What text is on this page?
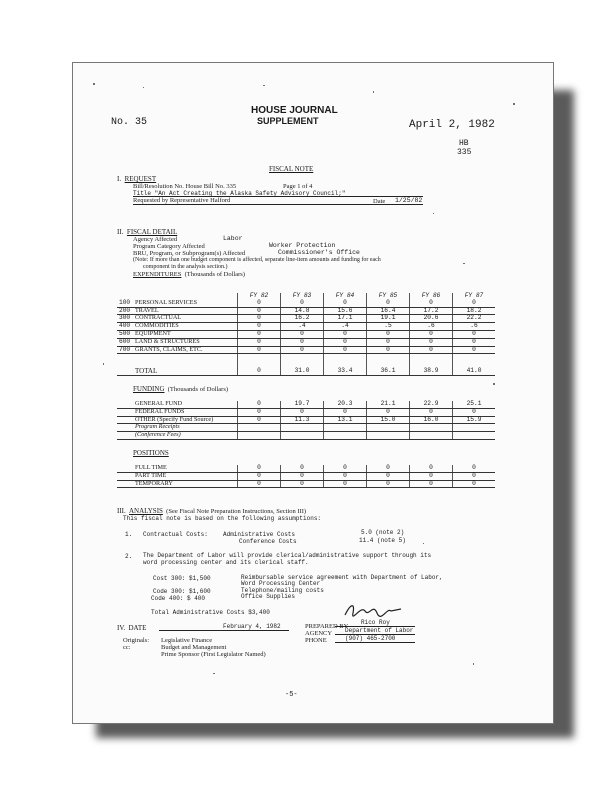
No. 35
HOUSE JOURNAL
SUPPLEMENT	April 2, 1982
HB
335
FISCAL NOTE
I. REQUEST
Bill/Resolution No. House Bill No. 335	Page 1 of 4
Title "An Act Creating the Alaska Safety Advisory Council;"
Requested by Representative Halford	Date 1/25/82
II. FISCAL DETAIL
Agency Affected	Labor
Program Category Affected	Worker Protection
BRU, Program, or Subprogram(s) Affected	Commissioner's Office
(Note: If more than one budget component is affected, separate line-item amounts and funding for each
component in the analysis section.)
EXPENDITURES (Thousands of Dollars)
		FY 82	FY 83	FY 84	FY 85	FY 86	FY 87
100	PERSONAL SERVICES	0	0	0	0	0	0
200	TRAVEL	0	14.8	15.6	16.4	17.2	18.2
300	CONTRACTUAL	0	16.2	17.1	19.1	20.6	22.2
400	COMMODITIES	0	.4	.4	.5	.6	.6
500	EQUIPMENT	0	0	0	0	0	0
600	LAND & STRUCTURES	0	0	0	0	0	0
700	GRANTS, CLAIMS, ETC.	0	0	0	0	0	0

	TOTAL	0	31.0	33.4	36.1	38.9	41.0
FUNDING (Thousands of Dollars)
	GENERAL FUND	0	19.7	20.3	21.1	22.9	25.1
	FEDERAL FUNDS	0	0	0	0	0	0
	OTHER (Specify Fund Source)	0	11.3	13.1	15.0	16.0	15.9
	Program Receipts						
	(Conference Fees)						
POSITIONS
	FULL TIME	0	0	0	0	0	0
	PART TIME	0	0	0	0	0	0
	TEMPORARY	0	0	0	0	0	0
III. ANALYSIS (See Fiscal Note Preparation Instructions, Section III)
This fiscal note is based on the following assumptions:
1. Contractual Costs:	Administrative Costs	5.0 (note 2)
Conference Costs	11.4 (note 5)
2. The Department of Labor will provide clerical/administrative support through its
word processing center and its clerical staff.
Cost 300: $1,500	Reimbursable service agreement with Department of Labor,
Word Processing Center
Code 300: $1,600	Telephone/mailing costs
Code 400: $ 400	Office Supplies
Total Administrative Costs $3,400
IV. DATE	February 4, 1982	PREPARED BY
Rico Roy
AGENCY Department of Labor
PHONE	(907) 465-2700
Originals: Legislative Finance
cc:	Budget and Management
Prime Sponsor (First Legislator Named)
-5-
